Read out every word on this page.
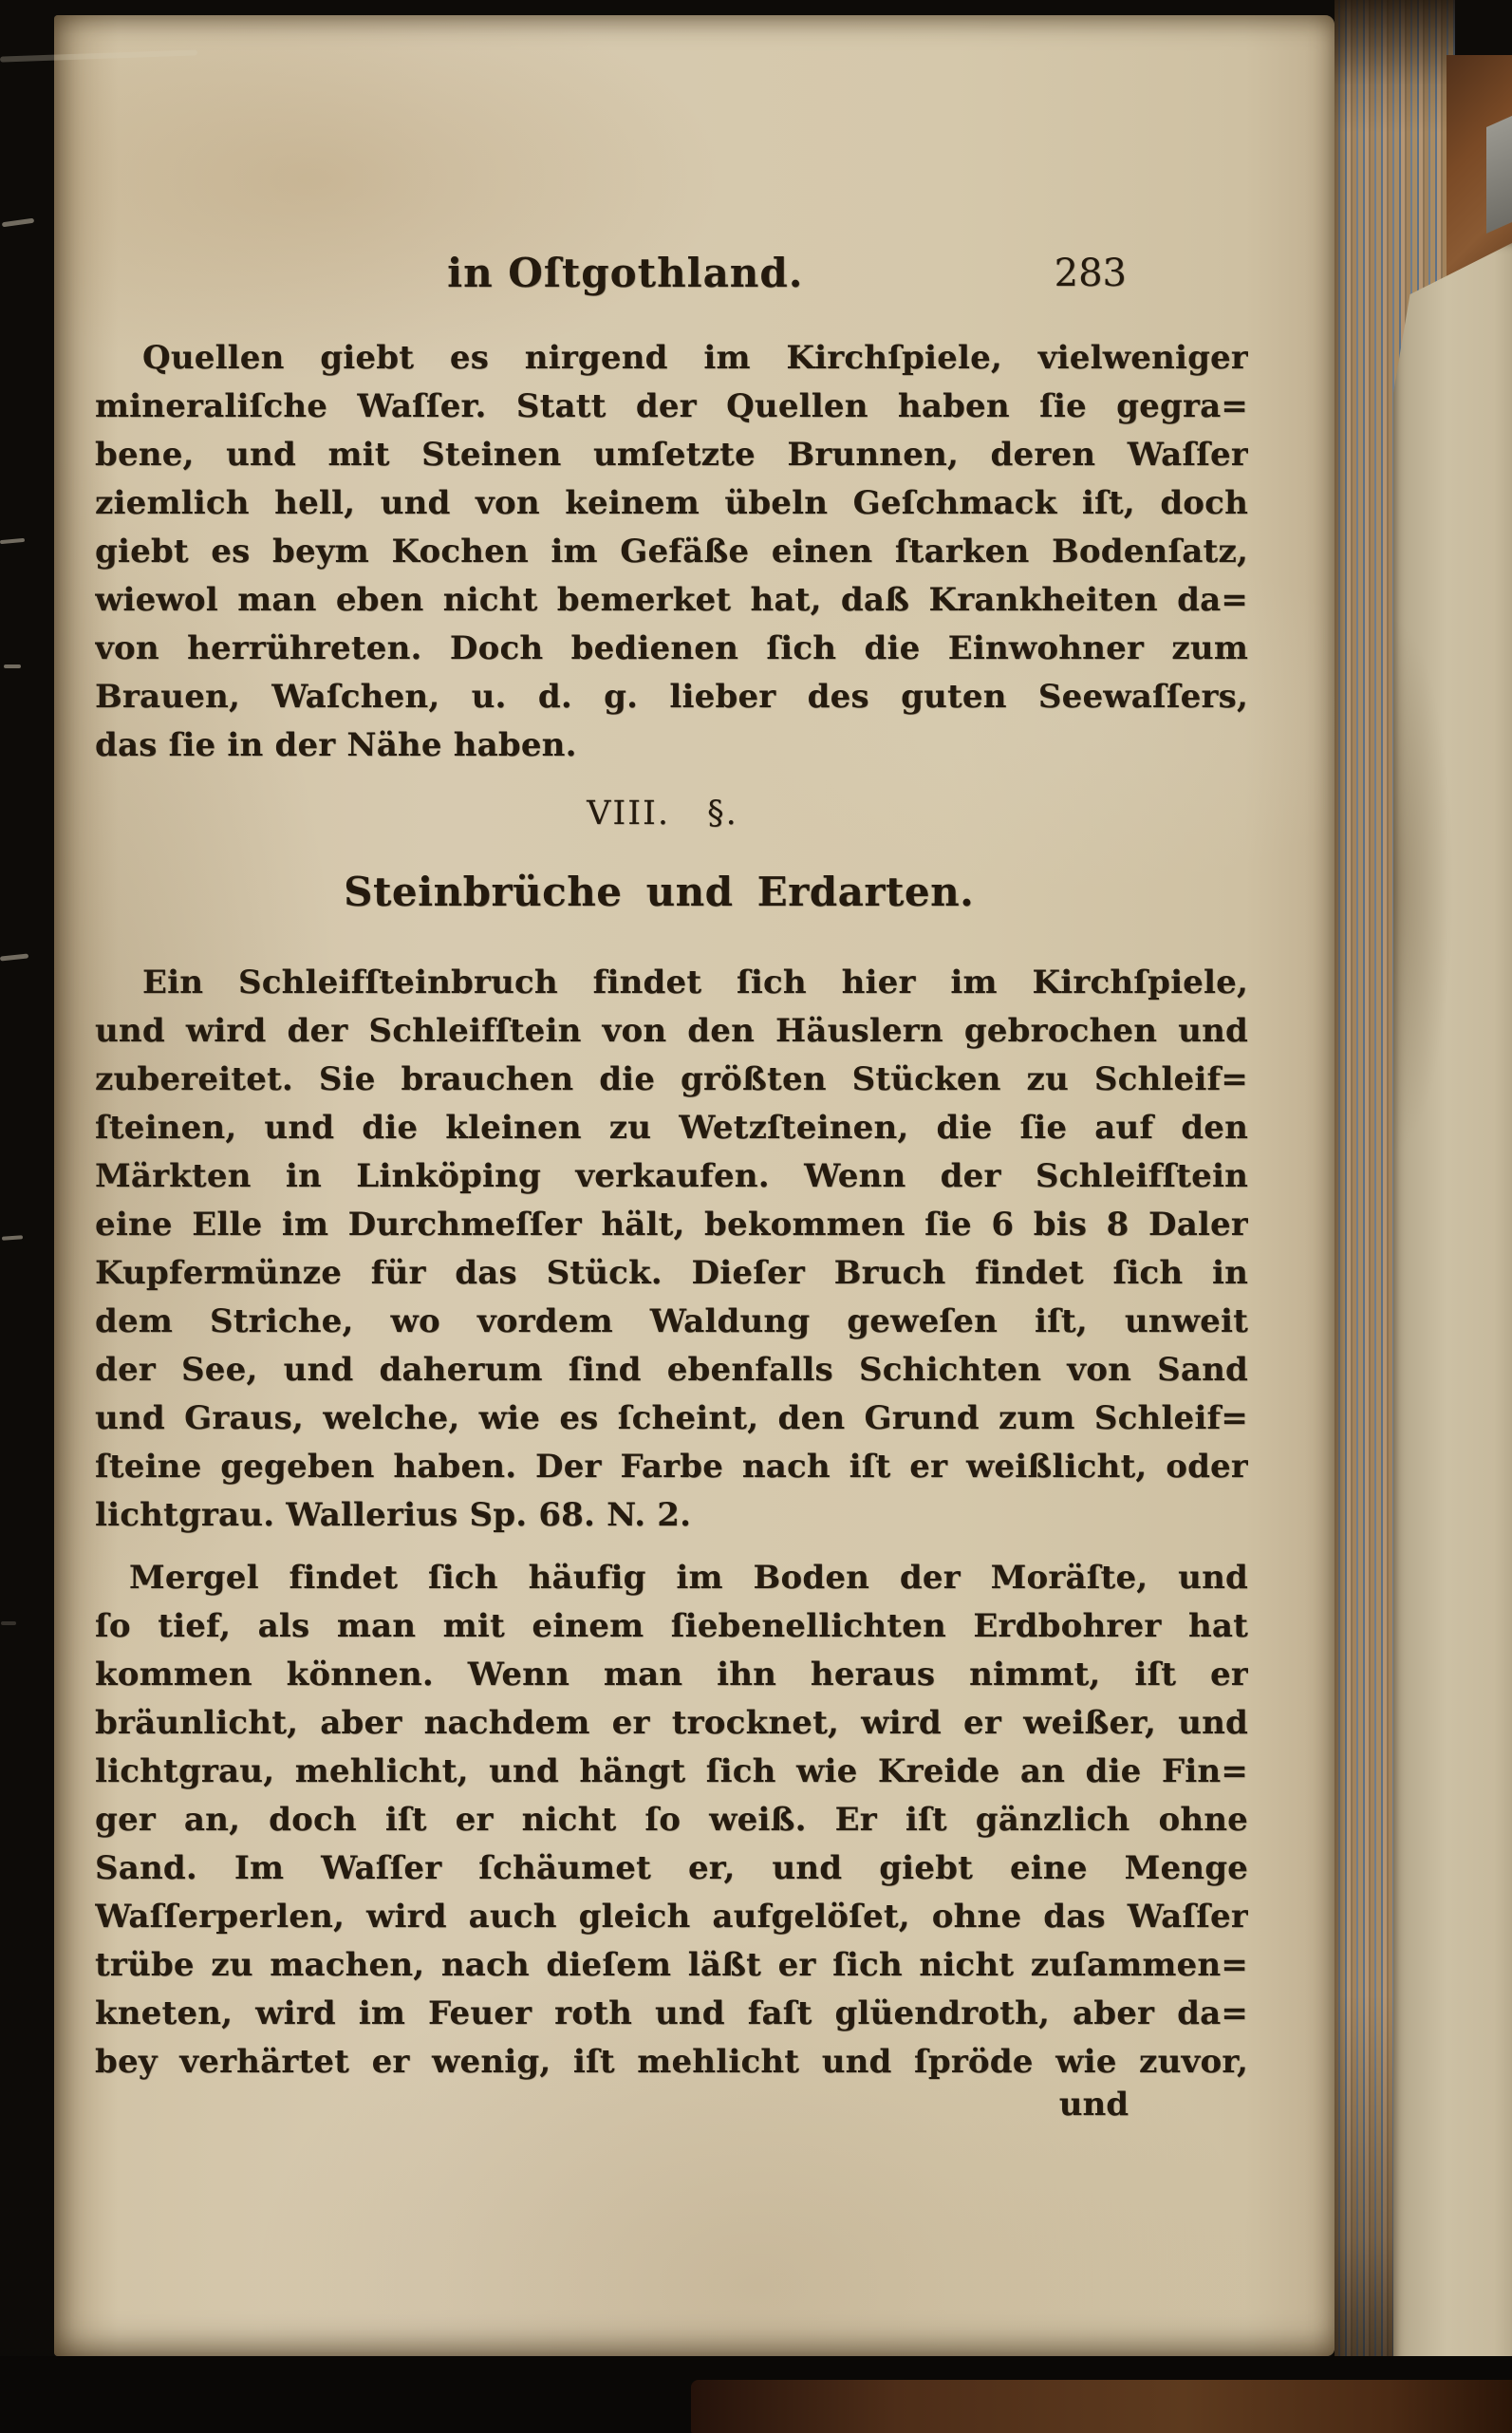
in Oſtgothland.	283
Quellen giebt es nirgend im Kirchſpiele, vielweniger
mineraliſche Waſſer. Statt der Quellen haben ſie gegra=
bene, und mit Steinen umſetzte Brunnen, deren Waſſer
ziemlich hell, und von keinem übeln Geſchmack iſt, doch
giebt es beym Kochen im Gefäße einen ſtarken Bodenſatz,
wiewol man eben nicht bemerket hat, daß Krankheiten da=
von herrühreten. Doch bedienen ſich die Einwohner zum
Brauen, Waſchen, u. d. g. lieber des guten Seewaſſers,
das ſie in der Nähe haben.
VIII. §.
Steinbrüche und Erdarten.
Ein Schleifſteinbruch findet ſich hier im Kirchſpiele,
und wird der Schleifſtein von den Häuslern gebrochen und
zubereitet. Sie brauchen die größten Stücken zu Schleif=
ſteinen, und die kleinen zu Wetzſteinen, die ſie auf den
Märkten in Linköping verkaufen. Wenn der Schleifſtein
eine Elle im Durchmeſſer hält, bekommen ſie 6 bis 8 Daler
Kupfermünze für das Stück. Dieſer Bruch findet ſich in
dem Striche, wo vordem Waldung geweſen iſt, unweit
der See, und daherum ſind ebenfalls Schichten von Sand
und Graus, welche, wie es ſcheint, den Grund zum Schleif=
ſteine gegeben haben. Der Farbe nach iſt er weißlicht, oder
lichtgrau. Wallerius Sp. 68. N. 2.
Mergel findet ſich häufig im Boden der Moräſte, und
ſo tief, als man mit einem ſiebenellichten Erdbohrer hat
kommen können. Wenn man ihn heraus nimmt, iſt er
bräunlicht, aber nachdem er trocknet, wird er weißer, und
lichtgrau, mehlicht, und hängt ſich wie Kreide an die Fin=
ger an, doch iſt er nicht ſo weiß. Er iſt gänzlich ohne
Sand. Im Waſſer ſchäumet er, und giebt eine Menge
Waſſerperlen, wird auch gleich aufgelöſet, ohne das Waſſer
trübe zu machen, nach dieſem läßt er ſich nicht zuſammen=
kneten, wird im Feuer roth und faſt glüendroth, aber da=
bey verhärtet er wenig, iſt mehlicht und ſpröde wie zuvor,
und
